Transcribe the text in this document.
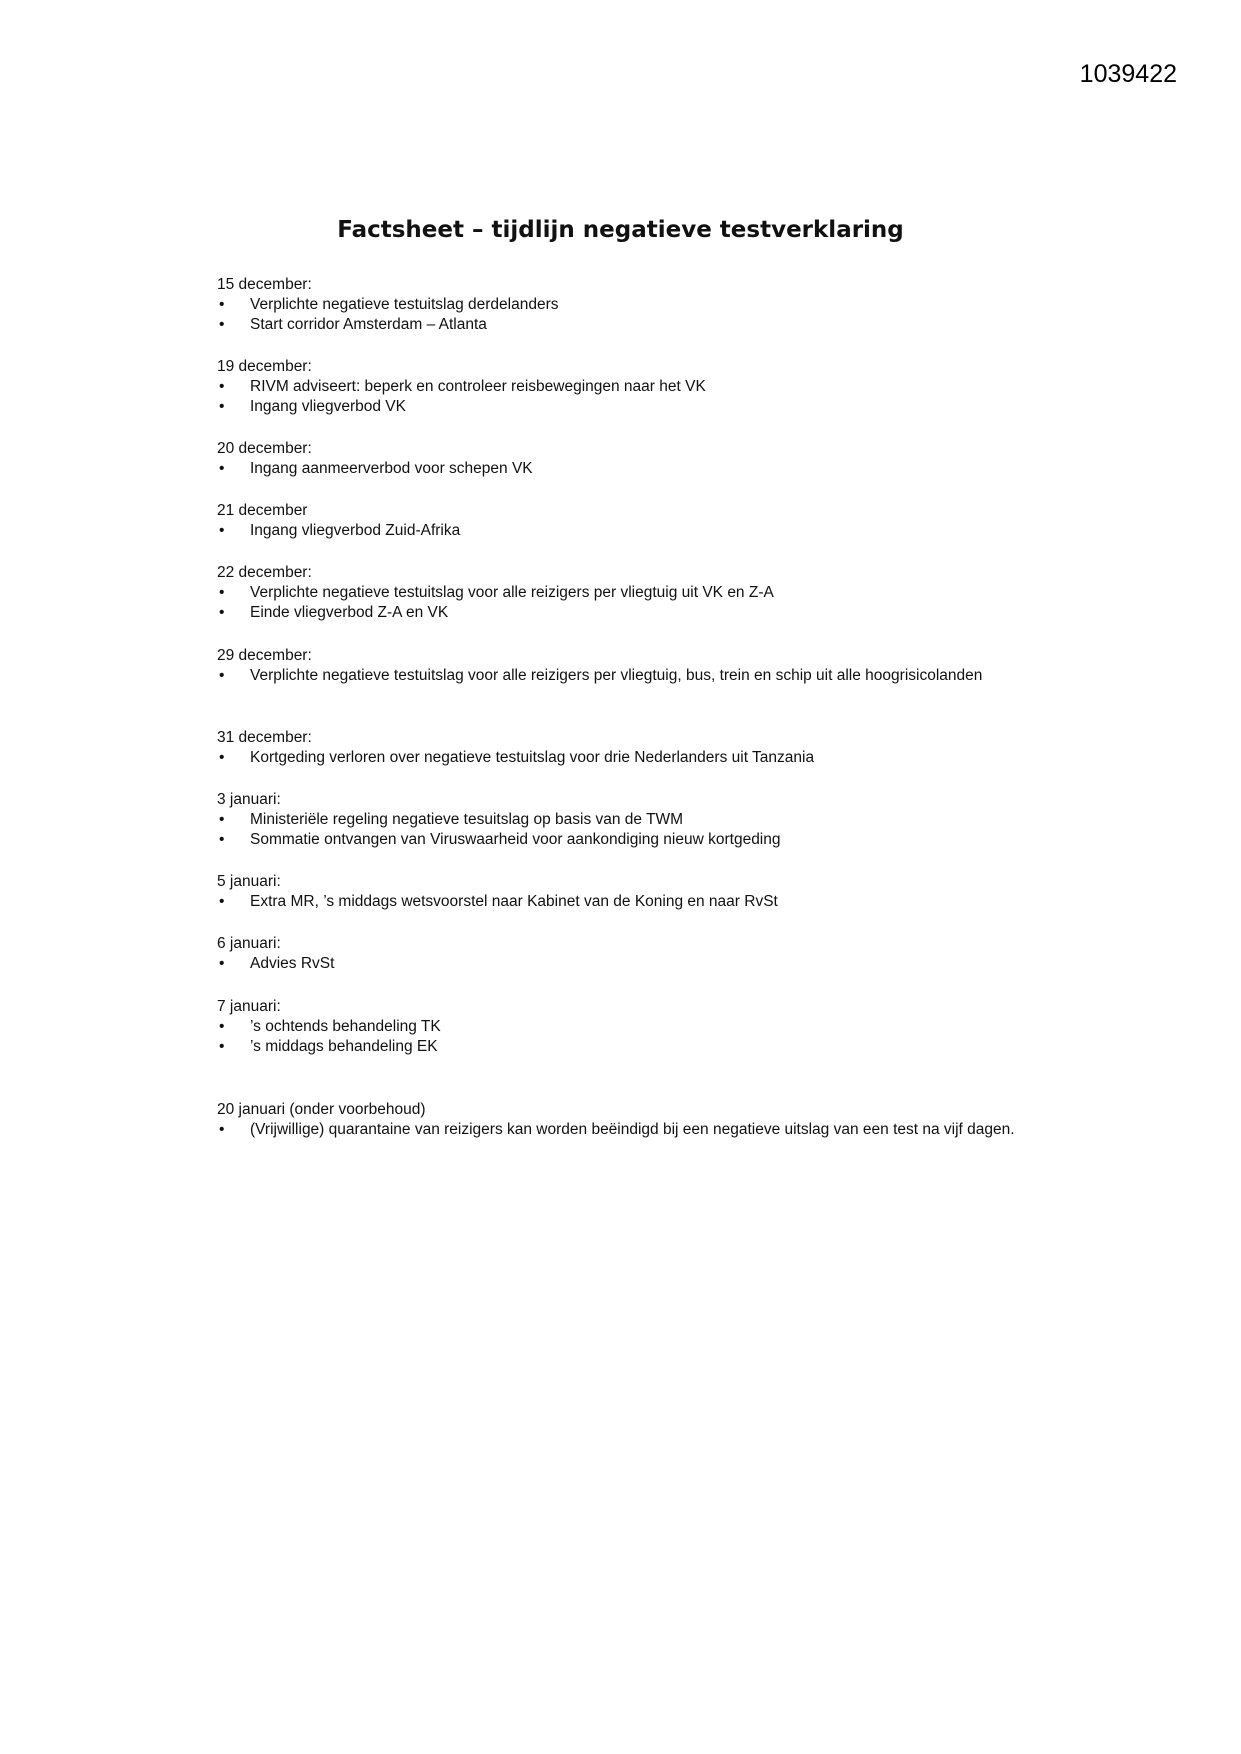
1039422
Factsheet – tijdlijn negatieve testverklaring
15 december:
• Verplichte negatieve testuitslag derdelanders
• Start corridor Amsterdam – Atlanta
19 december:
• RIVM adviseert: beperk en controleer reisbewegingen naar het VK
• Ingang vliegverbod VK
20 december:
• Ingang aanmeerverbod voor schepen VK
21 december
• Ingang vliegverbod Zuid-Afrika
22 december:
• Verplichte negatieve testuitslag voor alle reizigers per vliegtuig uit VK en Z-A
• Einde vliegverbod Z-A en VK
29 december:
• Verplichte negatieve testuitslag voor alle reizigers per vliegtuig, bus, trein en schip uit alle hoogrisicolanden
31 december:
• Kortgeding verloren over negatieve testuitslag voor drie Nederlanders uit Tanzania
3 januari:
• Ministeriële regeling negatieve tesuitslag op basis van de TWM
• Sommatie ontvangen van Viruswaarheid voor aankondiging nieuw kortgeding
5 januari:
• Extra MR, ’s middags wetsvoorstel naar Kabinet van de Koning en naar RvSt
6 januari:
• Advies RvSt
7 januari:
• ’s ochtends behandeling TK
• ’s middags behandeling EK
20 januari (onder voorbehoud)
• (Vrijwillige) quarantaine van reizigers kan worden beëindigd bij een negatieve uitslag van een test na vijf dagen.
